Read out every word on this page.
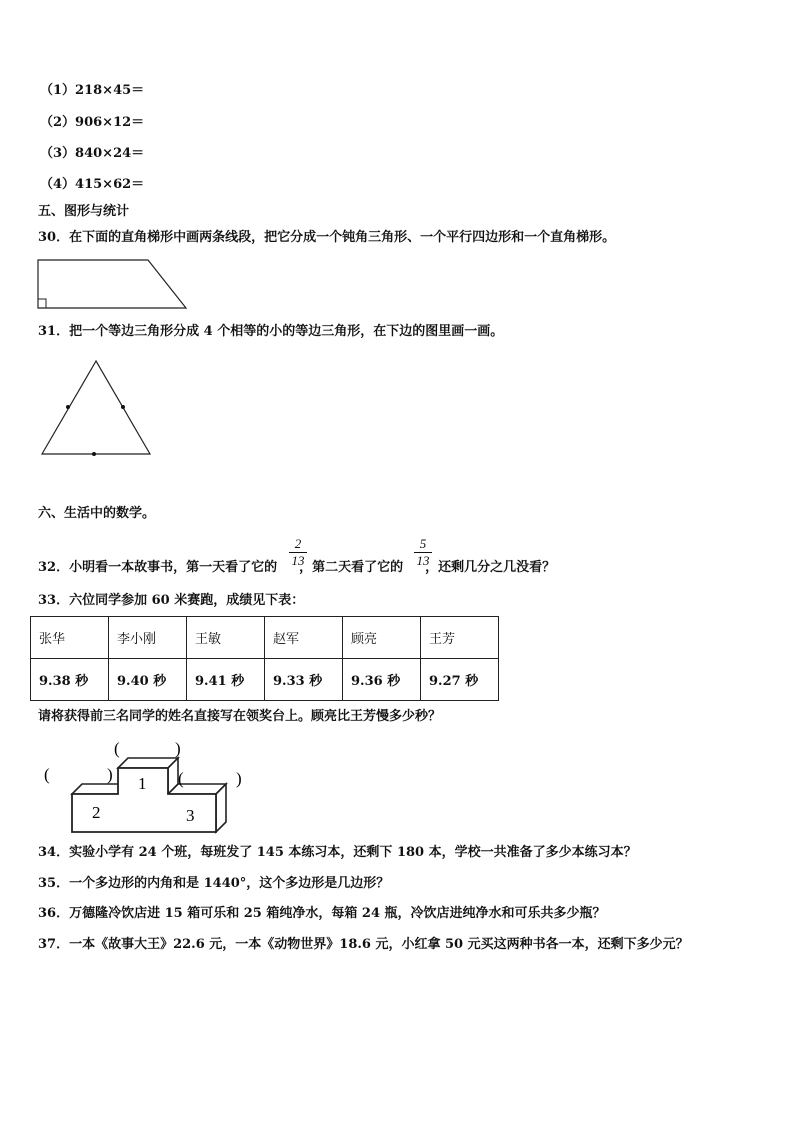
（1）218×45＝
（2）906×12＝
（3）840×24＝
（4）415×62＝
五、图形与统计
30．在下面的直角梯形中画两条线段，把它分成一个钝角三角形、一个平行四边形和一个直角梯形。
31．把一个等边三角形分成 4 个相等的小的等边三角形，在下边的图里画一画。
六、生活中的数学。
32．小明看一本故事书，第一天看了它的 ，第二天看了它的 ，还剩几分之几没看？
2
13
5
13
33．六位同学参加 60 米赛跑，成绩见下表：
张华	李小刚	王敏	赵军	顾亮	王芳
9.38 秒	9.40 秒	9.41 秒	9.33 秒	9.36 秒	9.27 秒
请将获得前三名同学的姓名直接写在领奖台上。顾亮比王芳慢多少秒？
(	)
(	)	(	)
1
2	3
34．实验小学有 24 个班，每班发了 145 本练习本，还剩下 180 本，学校一共准备了多少本练习本？
35．一个多边形的内角和是 1440°，这个多边形是几边形？
36．万德隆冷饮店进 15 箱可乐和 25 箱纯净水，每箱 24 瓶，冷饮店进纯净水和可乐共多少瓶？
37．一本《故事大王》22.6 元，一本《动物世界》18.6 元，小红拿 50 元买这两种书各一本，还剩下多少元？
